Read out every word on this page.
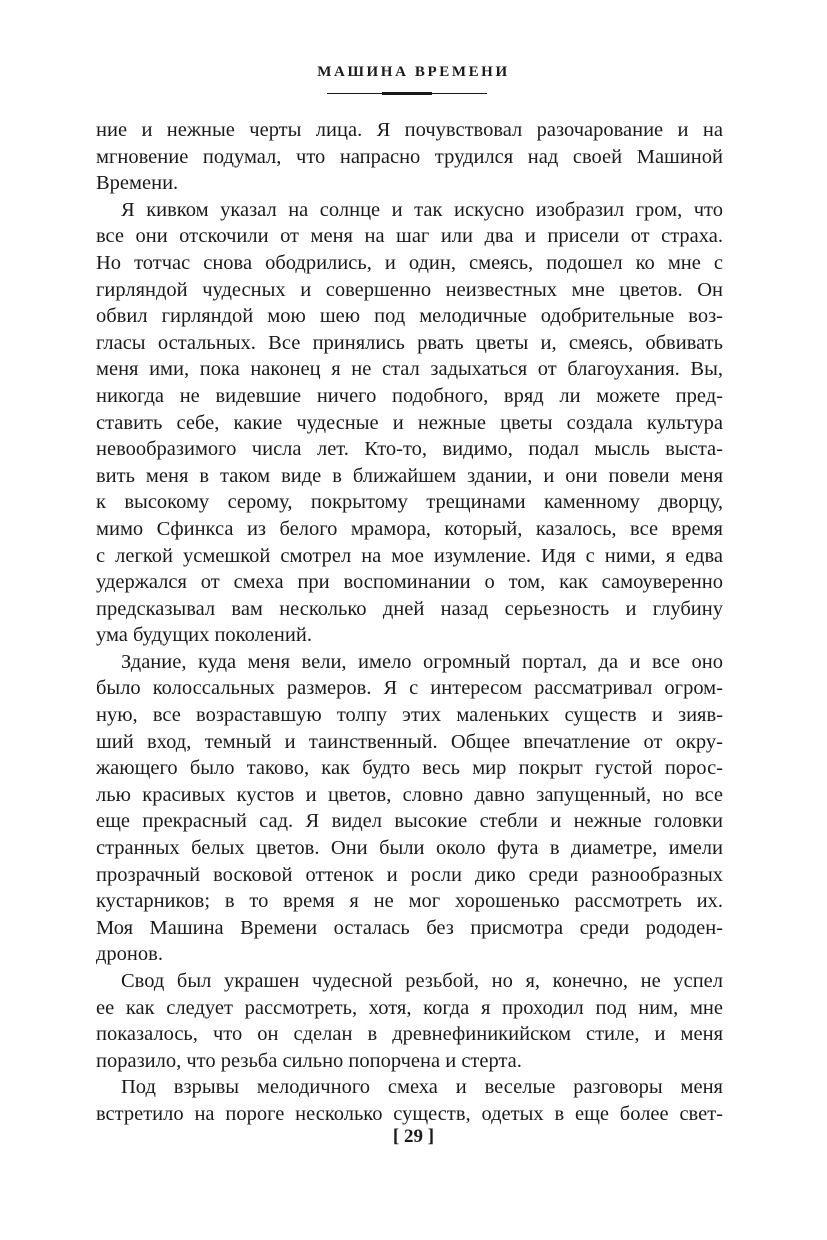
МАШИНА ВРЕМЕНИ
ние и нежные черты лица. Я почувствовал разочарование и на
мгновение подумал, что напрасно трудился над своей Машиной
Времени.
Я кивком указал на солнце и так искусно изобразил гром, что
все они отскочили от меня на шаг или два и присели от страха.
Но тотчас снова ободрились, и один, смеясь, подошел ко мне с
гирляндой чудесных и совершенно неизвестных мне цветов. Он
обвил гирляндой мою шею под мелодичные одобрительные воз-
гласы остальных. Все принялись рвать цветы и, смеясь, обвивать
меня ими, пока наконец я не стал задыхаться от благоухания. Вы,
никогда не видевшие ничего подобного, вряд ли можете пред-
ставить себе, какие чудесные и нежные цветы создала культура
невообразимого числа лет. Кто-то, видимо, подал мысль выста-
вить меня в таком виде в ближайшем здании, и они повели меня
к высокому серому, покрытому трещинами каменному дворцу,
мимо Сфинкса из белого мрамора, который, казалось, все время
с легкой усмешкой смотрел на мое изумление. Идя с ними, я едва
удержался от смеха при воспоминании о том, как самоуверенно
предсказывал вам несколько дней назад серьезность и глубину
ума будущих поколений.
Здание, куда меня вели, имело огромный портал, да и все оно
было колоссальных размеров. Я с интересом рассматривал огром-
ную, все возраставшую толпу этих маленьких существ и зияв-
ший вход, темный и таинственный. Общее впечатление от окру-
жающего было таково, как будто весь мир покрыт густой порос-
лью красивых кустов и цветов, словно давно запущенный, но все
еще прекрасный сад. Я видел высокие стебли и нежные головки
странных белых цветов. Они были около фута в диаметре, имели
прозрачный восковой оттенок и росли дико среди разнообразных
кустарников; в то время я не мог хорошенько рассмотреть их.
Моя Машина Времени осталась без присмотра среди рододен-
дронов.
Свод был украшен чудесной резьбой, но я, конечно, не успел
ее как следует рассмотреть, хотя, когда я проходил под ним, мне
показалось, что он сделан в древнефиникийском стиле, и меня
поразило, что резьба сильно попорчена и стерта.
Под взрывы мелодичного смеха и веселые разговоры меня
встретило на пороге несколько существ, одетых в еще более свет-
[ 29 ]
